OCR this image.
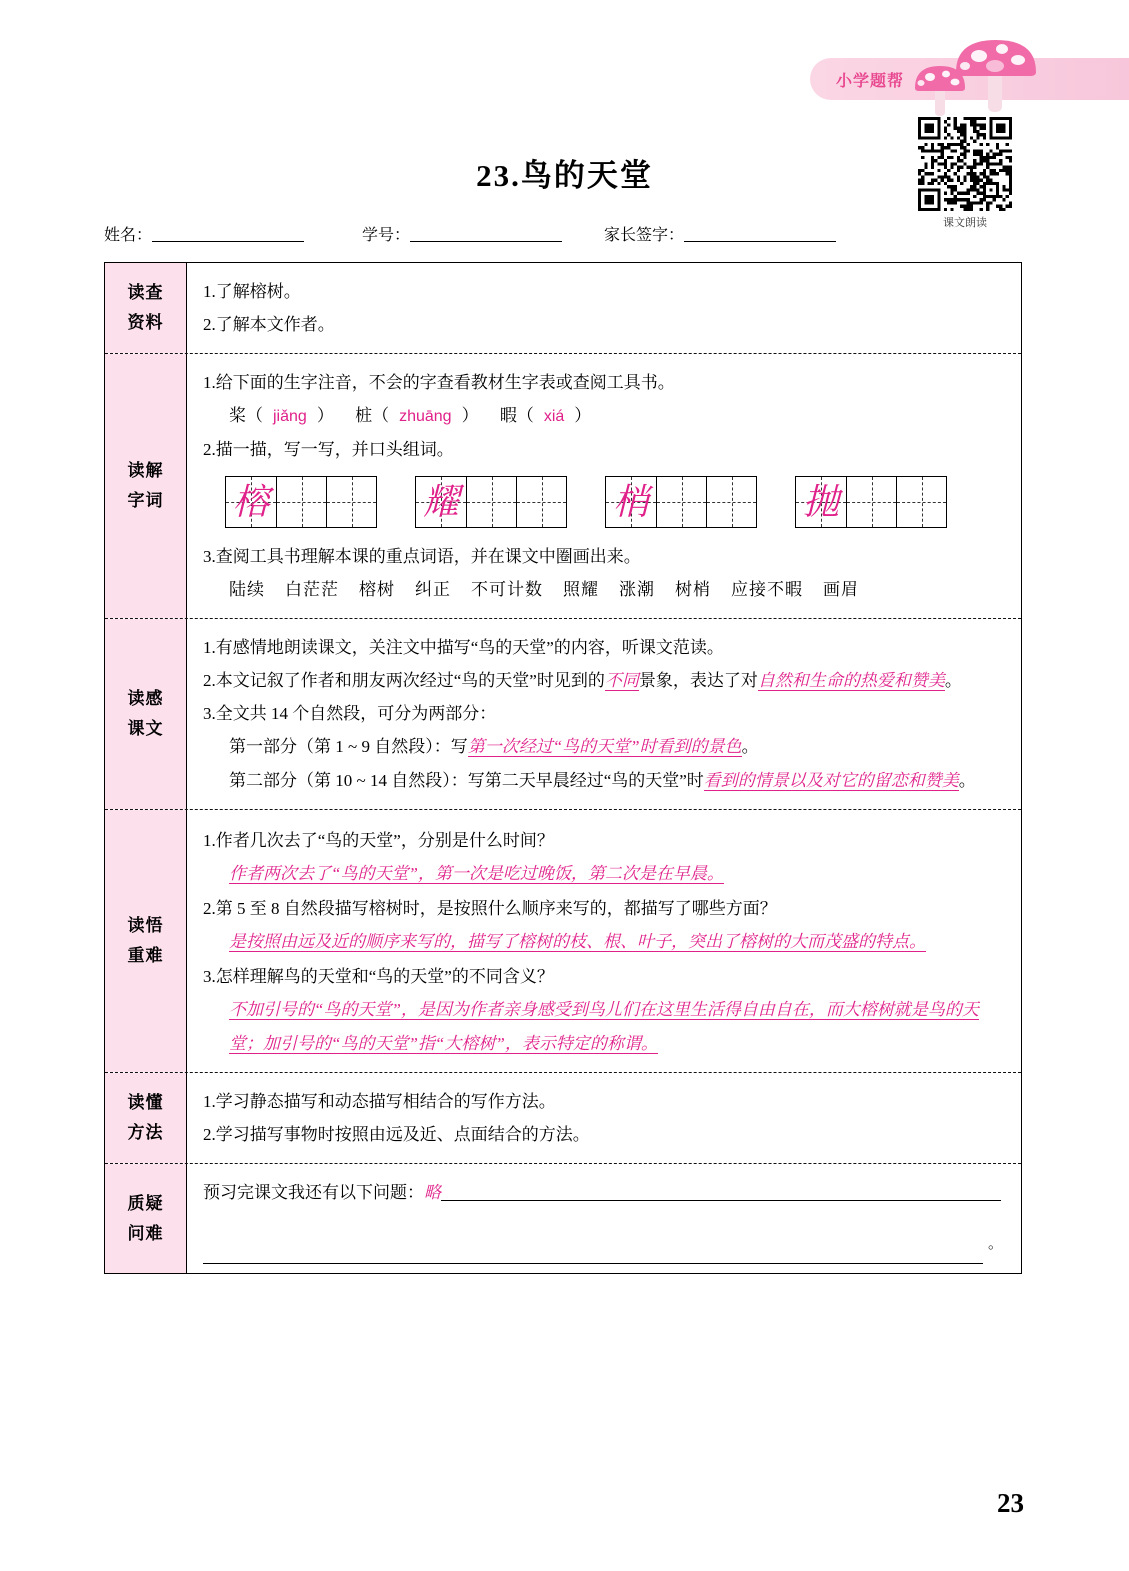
小学题帮
课文朗读
23.鸟的天堂
姓名：	学号：	家长签字：
读查
资料
1.了解榕树。
2.了解本文作者。
读解
字词
1.给下面的生字注音，不会的字查看教材生字表或查阅工具书。
桨（ jiǎng ） 桩（ zhuāng ） 暇（ xiá ）
2.描一描，写一写，并口头组词。
榕	耀	梢	抛
3.查阅工具书理解本课的重点词语，并在课文中圈画出来。
陆续 白茫茫 榕树 纠正 不可计数 照耀 涨潮 树梢 应接不暇 画眉
读感
课文
1.有感情地朗读课文，关注文中描写“鸟的天堂”的内容，听课文范读。
2.本文记叙了作者和朋友两次经过“鸟的天堂”时见到的不同景象，表达了对自然和生命的热爱和赞美。
3.全文共 14 个自然段，可分为两部分：
第一部分（第 1 ~ 9 自然段）：写第一次经过“鸟的天堂”时看到的景色。
第二部分（第 10 ~ 14 自然段）：写第二天早晨经过“鸟的天堂”时看到的情景以及对它的留恋和赞美。
读悟
重难
1.作者几次去了“鸟的天堂”，分别是什么时间？
作者两次去了“鸟的天堂”，第一次是吃过晚饭，第二次是在早晨。
2.第 5 至 8 自然段描写榕树时，是按照什么顺序来写的，都描写了哪些方面？
是按照由远及近的顺序来写的，描写了榕树的枝、根、叶子，突出了榕树的大而茂盛的特点。
3.怎样理解鸟的天堂和“鸟的天堂”的不同含义？
不加引号的“鸟的天堂”，是因为作者亲身感受到鸟儿们在这里生活得自由自在，而大榕树就是鸟的天堂；加引号的“鸟的天堂”指“大榕树”，表示特定的称谓。
读懂
方法
1.学习静态描写和动态描写相结合的写作方法。
2.学习描写事物时按照由远及近、点面结合的方法。
质疑
问难
预习完课文我还有以下问题：略
。
23
